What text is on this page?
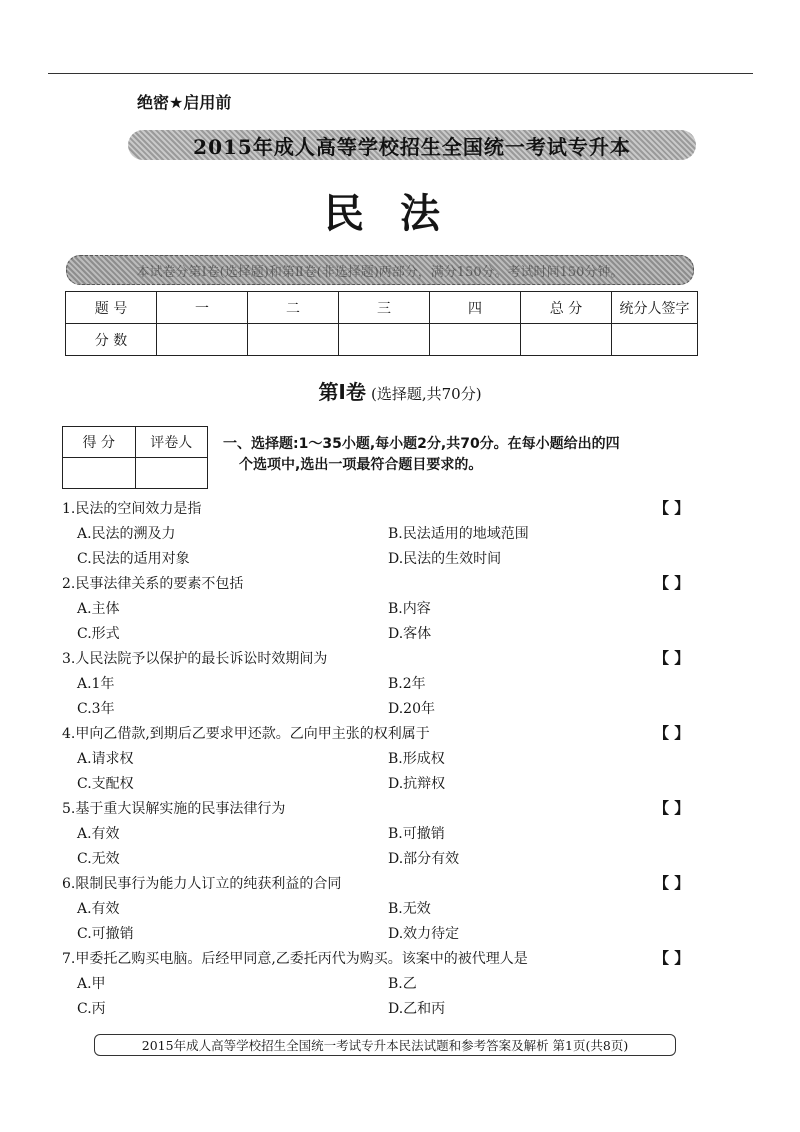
绝密★启用前
2015年成人高等学校招生全国统一考试专升本
民法
本试卷分第Ⅰ卷(选择题)和第Ⅱ卷(非选择题)两部分，满分150分。考试时间150分钟。
题 号	一	二	三	四	总 分	统分人签字
分 数						
第Ⅰ卷 (选择题,共70分)
得 分	评卷人
	一、选择题:1～35小题,每小题2分,共70分。在每小题给出的四
个选项中,选出一项最符合题目要求的。
1.民法的空间效力是指	【 】
A.民法的溯及力	B.民法适用的地域范围
C.民法的适用对象	D.民法的生效时间
2.民事法律关系的要素不包括	【 】
A.主体	B.内容
C.形式	D.客体
3.人民法院予以保护的最长诉讼时效期间为	【 】
A.1年	B.2年
C.3年	D.20年
4.甲向乙借款,到期后乙要求甲还款。乙向甲主张的权利属于	【 】
A.请求权	B.形成权
C.支配权	D.抗辩权
5.基于重大误解实施的民事法律行为	【 】
A.有效	B.可撤销
C.无效	D.部分有效
6.限制民事行为能力人订立的纯获利益的合同	【 】
A.有效	B.无效
C.可撤销	D.效力待定
7.甲委托乙购买电脑。后经甲同意,乙委托丙代为购买。该案中的被代理人是	【 】
A.甲	B.乙
C.丙	D.乙和丙
2015年成人高等学校招生全国统一考试专升本民法试题和参考答案及解析 第1页(共8页)
